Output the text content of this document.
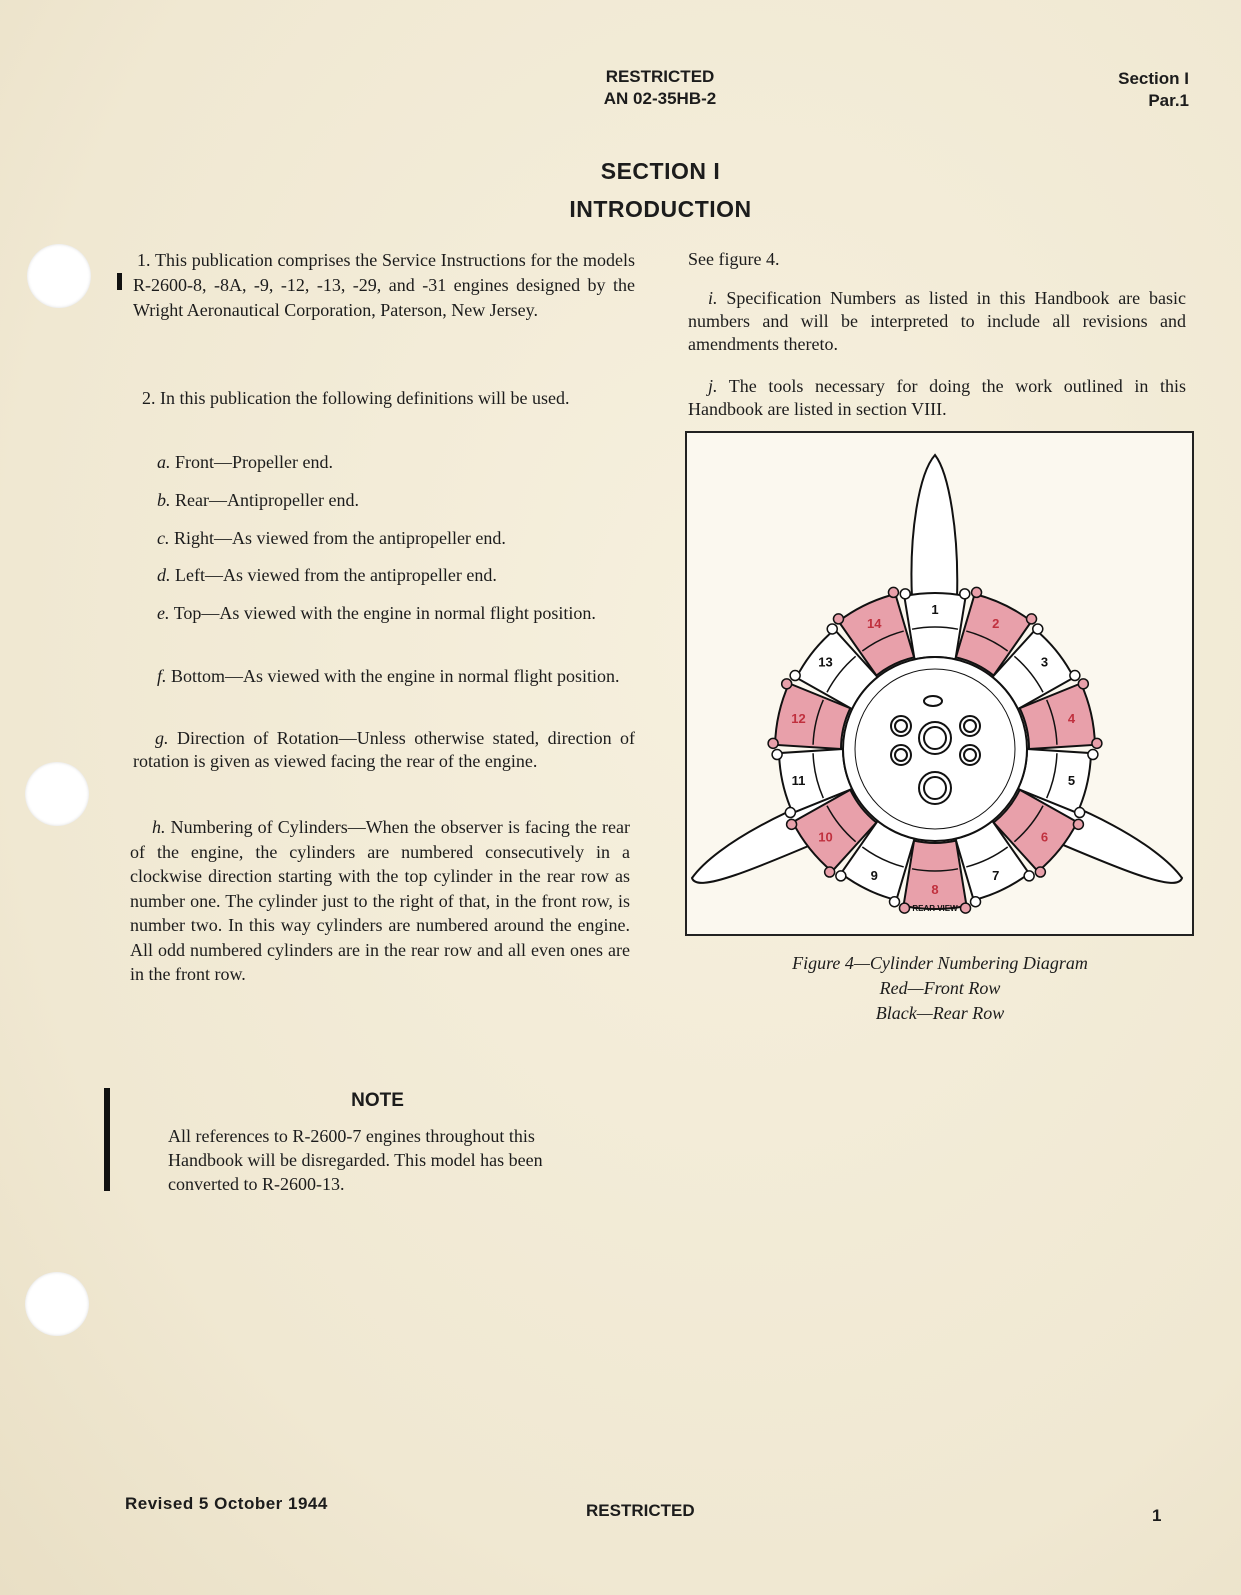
RESTRICTED
AN 02-35HB-2
Section I
Par.1
SECTION I
INTRODUCTION

1. This publication comprises the Service Instructions for the models R-2600-8, -8A, -9, -12, -13, -29, and -31 engines designed by the Wright Aeronautical Corporation, Paterson, New Jersey.

2. In this publication the following definitions will be used.

a. Front—Propeller end.

b. Rear—Antipropeller end.

c. Right—As viewed from the antipropeller end.

d. Left—As viewed from the antipropeller end.

e. Top—As viewed with the engine in normal flight position.

f. Bottom—As viewed with the engine in normal flight position.

g. Direction of Rotation—Unless otherwise stated, direction of rotation is given as viewed facing the rear of the engine.

h. Numbering of Cylinders—When the observer is facing the rear of the engine, the cylinders are numbered consecutively in a clockwise direction starting with the top cylinder in the rear row as number one. The cylinder just to the right of that, in the front row, is number two. In this way cylinders are numbered around the engine. All odd numbered cylinders are in the rear row and all even ones are in the front row.

NOTE

All references to R-2600-7 engines throughout this Handbook will be disregarded. This model has been converted to R-2600-13.

See figure 4.

i. Specification Numbers as listed in this Handbook are basic numbers and will be interpreted to include all revisions and amendments thereto.

j. The tools necessary for doing the work outlined in this Handbook are listed in section VIII.

1
2
3
4
5
6
7
8
9
10
11
12
13
14
REAR VIEW
Figure 4—Cylinder Numbering Diagram
Red—Front Row
Black—Rear Row
Revised 5 October 1944	RESTRICTED	1
